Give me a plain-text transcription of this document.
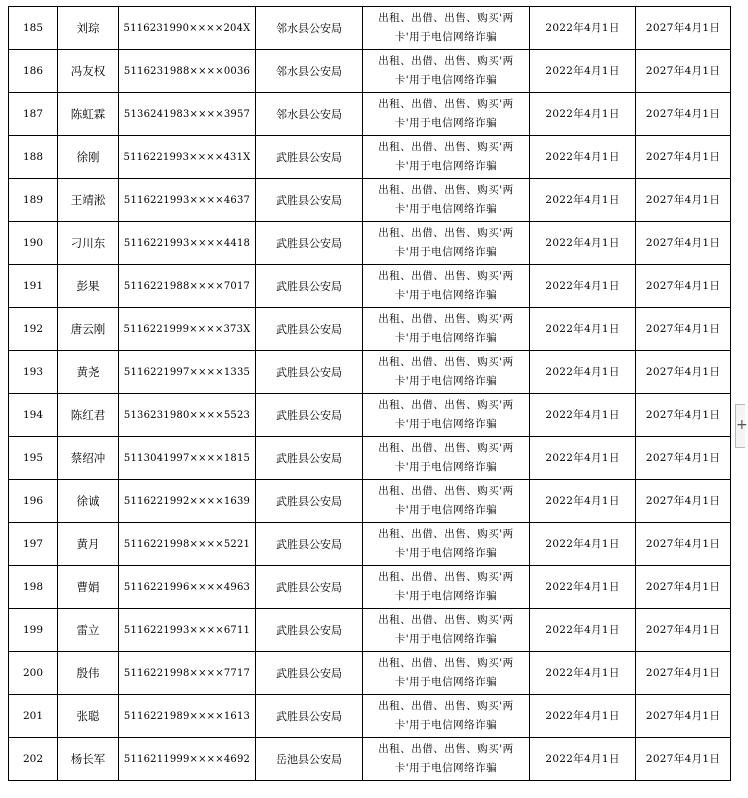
185	刘琮	5116231990××××204X	邻水县公安局	出租、出借、出售、购买'两
卡'用于电信网络诈骗	2022年4月1日	2027年4月1日
186	冯友权	5116231988××××0036	邻水县公安局	出租、出借、出售、购买'两
卡'用于电信网络诈骗	2022年4月1日	2027年4月1日
187	陈虹霖	5136241983××××3957	邻水县公安局	出租、出借、出售、购买'两
卡'用于电信网络诈骗	2022年4月1日	2027年4月1日
188	徐刚	5116221993××××431X	武胜县公安局	出租、出借、出售、购买'两
卡'用于电信网络诈骗	2022年4月1日	2027年4月1日
189	王靖淞	5116221993××××4637	武胜县公安局	出租、出借、出售、购买'两
卡'用于电信网络诈骗	2022年4月1日	2027年4月1日
190	刁川东	5116221993××××4418	武胜县公安局	出租、出借、出售、购买'两
卡'用于电信网络诈骗	2022年4月1日	2027年4月1日
191	彭果	5116221988××××7017	武胜县公安局	出租、出借、出售、购买'两
卡'用于电信网络诈骗	2022年4月1日	2027年4月1日
192	唐云刚	5116221999××××373X	武胜县公安局	出租、出借、出售、购买'两
卡'用于电信网络诈骗	2022年4月1日	2027年4月1日
193	黄尧	5116221997××××1335	武胜县公安局	出租、出借、出售、购买'两
卡'用于电信网络诈骗	2022年4月1日	2027年4月1日
194	陈红君	5136231980××××5523	武胜县公安局	出租、出借、出售、购买'两
卡'用于电信网络诈骗	2022年4月1日	2027年4月1日
195	蔡绍冲	5113041997××××1815	武胜县公安局	出租、出借、出售、购买'两
卡'用于电信网络诈骗	2022年4月1日	2027年4月1日
196	徐诚	5116221992××××1639	武胜县公安局	出租、出借、出售、购买'两
卡'用于电信网络诈骗	2022年4月1日	2027年4月1日
197	黄月	5116221998××××5221	武胜县公安局	出租、出借、出售、购买'两
卡'用于电信网络诈骗	2022年4月1日	2027年4月1日
198	曹娟	5116221996××××4963	武胜县公安局	出租、出借、出售、购买'两
卡'用于电信网络诈骗	2022年4月1日	2027年4月1日
199	雷立	5116221993××××6711	武胜县公安局	出租、出借、出售、购买'两
卡'用于电信网络诈骗	2022年4月1日	2027年4月1日
200	殷伟	5116221998××××7717	武胜县公安局	出租、出借、出售、购买'两
卡'用于电信网络诈骗	2022年4月1日	2027年4月1日
201	张聪	5116221989××××1613	武胜县公安局	出租、出借、出售、购买'两
卡'用于电信网络诈骗	2022年4月1日	2027年4月1日
202	杨长军	5116211999××××4692	岳池县公安局	出租、出借、出售、购买'两
卡'用于电信网络诈骗	2022年4月1日	2027年4月1日
+
